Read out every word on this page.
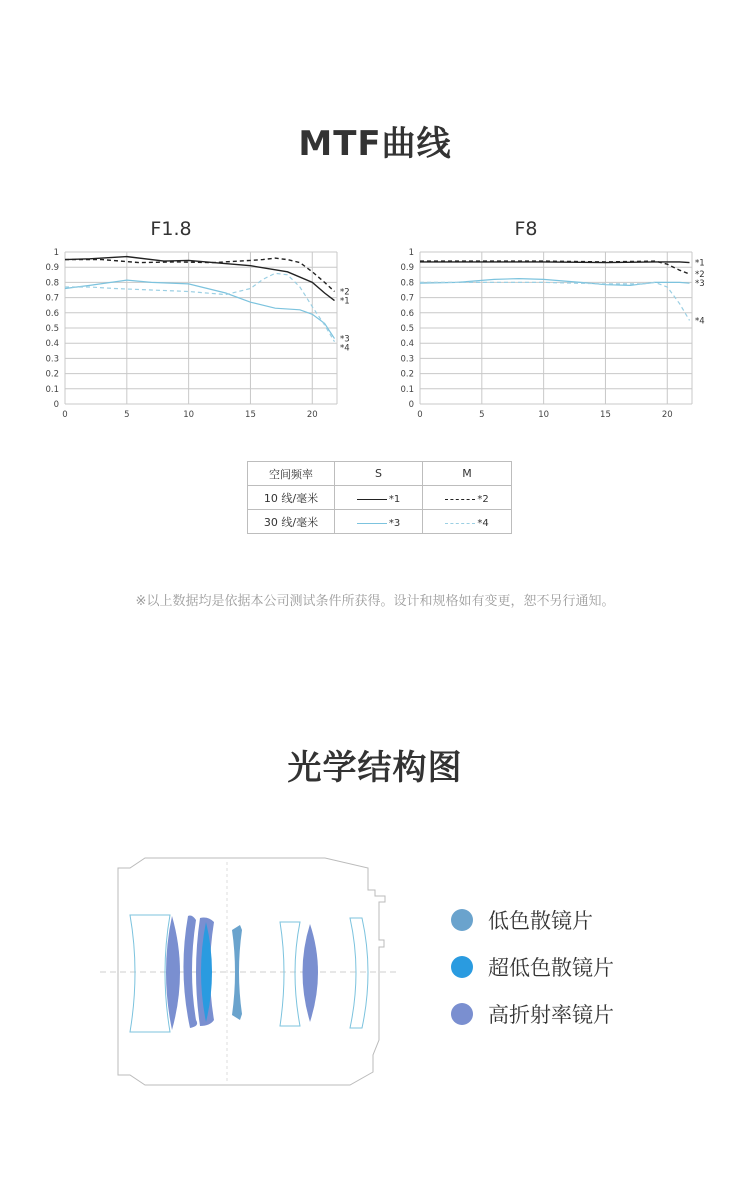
MTF曲线
F1.8
0
0.1
0.2
0.3
0.4
0.5
0.6
0.7
0.8
0.9
1
0	5	10	15	20
*2
*1
*3
*4
F8
0
0.1
0.2
0.3
0.4
0.5
0.6
0.7
0.8
0.9
1
0	5	10	15	20
*1
*2
*3
*4
空间频率	S	M
10 线/毫米	*1	*2

30 线/毫米	*3	*4
※以上数据均是依据本公司测试条件所获得。设计和规格如有变更，恕不另行通知。
光学结构图
低色散镜片
超低色散镜片
高折射率镜片
